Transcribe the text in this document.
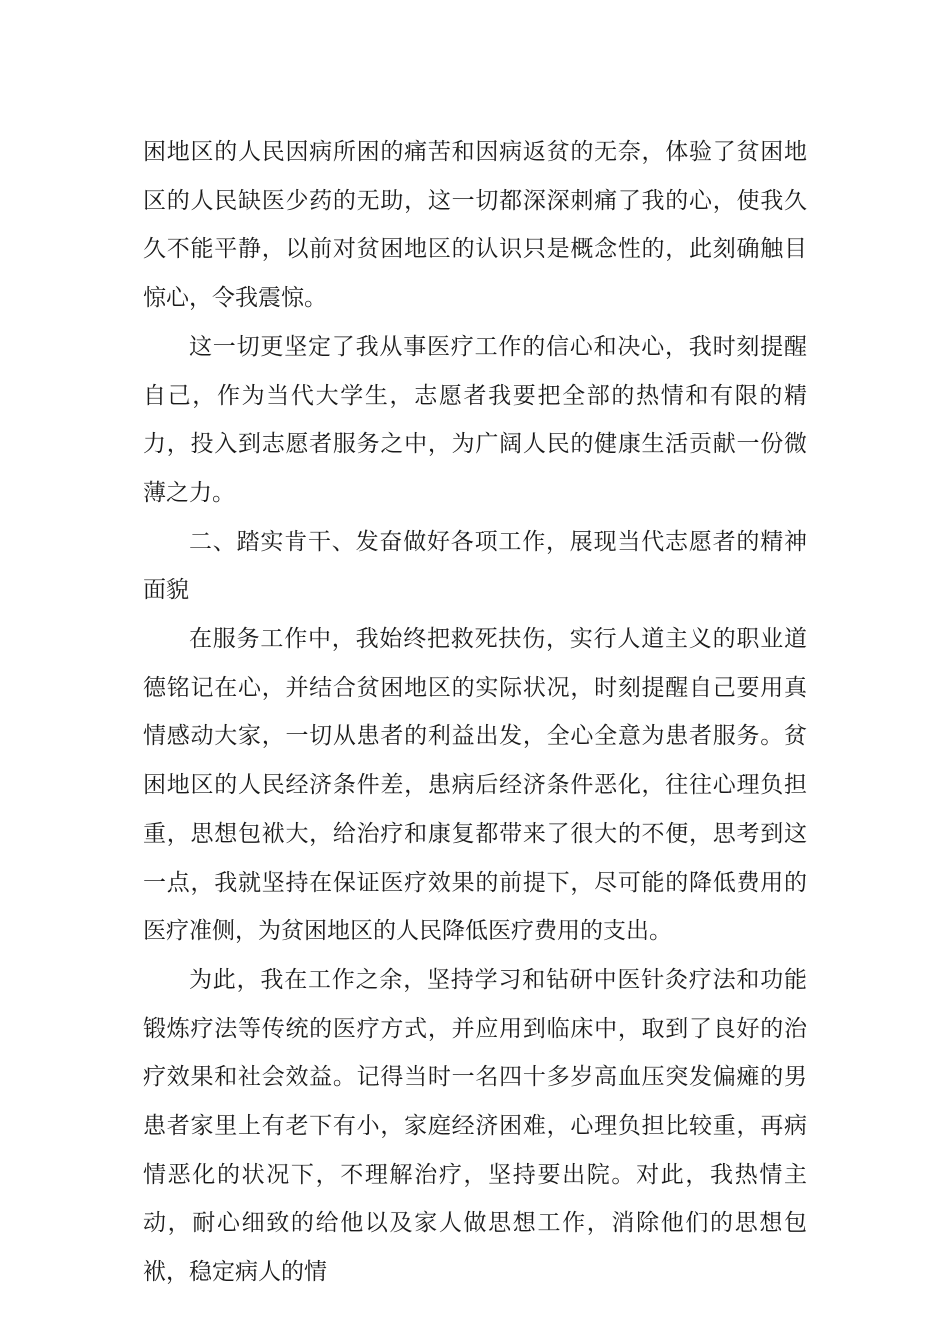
困地区的人民因病所困的痛苦和因病返贫的无奈，体验了贫困地区的人民缺医少药的无助，这一切都深深刺痛了我的心，使我久久不能平静，以前对贫困地区的认识只是概念性的，此刻确触目惊心，令我震惊。

这一切更坚定了我从事医疗工作的信心和决心，我时刻提醒自己，作为当代大学生，志愿者我要把全部的热情和有限的精力，投入到志愿者服务之中，为广阔人民的健康生活贡献一份微薄之力。

二、踏实肯干、发奋做好各项工作，展现当代志愿者的精神面貌

在服务工作中，我始终把救死扶伤，实行人道主义的职业道德铭记在心，并结合贫困地区的实际状况，时刻提醒自己要用真情感动大家，一切从患者的利益出发，全心全意为患者服务。贫困地区的人民经济条件差，患病后经济条件恶化，往往心理负担重，思想包袱大，给治疗和康复都带来了很大的不便，思考到这一点，我就坚持在保证医疗效果的前提下，尽可能的降低费用的医疗准侧，为贫困地区的人民降低医疗费用的支出。

为此，我在工作之余，坚持学习和钻研中医针灸疗法和功能锻炼疗法等传统的医疗方式，并应用到临床中，取到了良好的治疗效果和社会效益。记得当时一名四十多岁高血压突发偏瘫的男患者家里上有老下有小，家庭经济困难，心理负担比较重，再病情恶化的状况下，不理解治疗，坚持要出院。对此，我热情主动，耐心细致的给他以及家人做思想工作，消除他们的思想包袱，稳定病人的情
